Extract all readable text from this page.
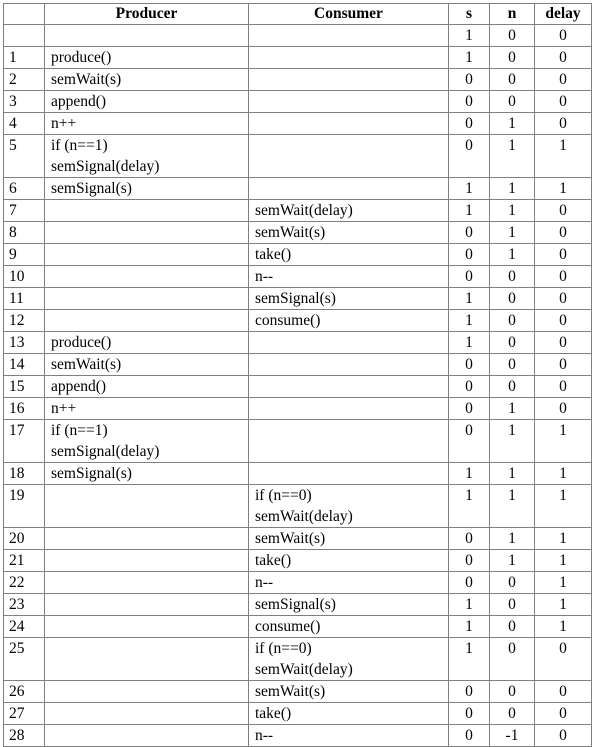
	Producer	Consumer	s	n	delay
			1	0	0
1	produce()		1	0	0
2	semWait(s)		0	0	0
3	append()		0	0	0
4	n++		0	1	0
5	if (n==1)
semSignal(delay)		0	1	1
6	semSignal(s)		1	1	1
7		semWait(delay)	1	1	0
8		semWait(s)	0	1	0
9		take()	0	1	0
10		n--	0	0	0
11		semSignal(s)	1	0	0
12		consume()	1	0	0
13	produce()		1	0	0
14	semWait(s)		0	0	0
15	append()		0	0	0
16	n++		0	1	0
17	if (n==1)
semSignal(delay)		0	1	1
18	semSignal(s)		1	1	1
19		if (n==0)
semWait(delay)	1	1	1
20		semWait(s)	0	1	1
21		take()	0	1	1
22		n--	0	0	1
23		semSignal(s)	1	0	1
24		consume()	1	0	1
25		if (n==0)
semWait(delay)	1	0	0
26		semWait(s)	0	0	0
27		take()	0	0	0
28		n--	0	-1	0
